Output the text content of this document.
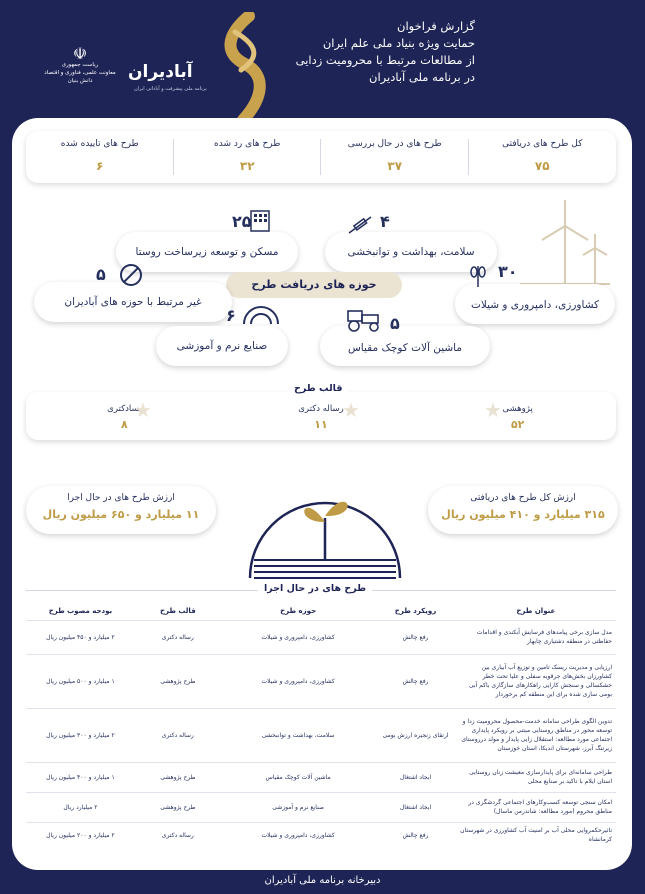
گزارش فراخوان
حمایت ویژه بنیاد ملی علم ایران
از مطالعات مرتبط با محرومیت زدایی
در برنامه ملی آبادیران
آبادیران
برنامه ملی پیشرفت و آبادانی ایران
☫
ریاست جمهوری
معاونت علمی، فناوری و اقتصاد دانش بنیان
کل طرح های دریافتی
۷۵
طرح های در حال بررسی
۳۷
طرح های رد شده
۳۲
طرح های تاییده شده
۶
مسکن و توسعه زیرساخت روستا
۲۵
سلامت، بهداشت و توانبخشی
۴
حوزه های دریافت طرح
غیر مرتبط با حوزه های آبادیران
۵
کشاورزی، دامپروری و شیلات
۳۰
صنایع نرم و آموزشی
۶
ماشین آلات کوچک مقیاس
۵
پژوهشی
۵۲
رساله دکتری
۱۱
پسادکتری
۸
قالب طرح
★
★
★
ارزش کل طرح های دریافتی
۳۱۵ میلیارد و ۴۱۰ میلیون ریال
ارزش طرح های در حال اجرا
۱۱ میلیارد و ۶۵۰ میلیون ریال
طرح های در حال اجرا
عنوان طرح	رویکرد طرح	حوزه طرح	قالب طرح	بودجه مصوب طرح
مدل سازی برخی پیامدهای فرسایش آبکندی و اقدامات حفاظتی در منطقه دشتیاری چابهار	رفع چالش	کشاورزی، دامپروری و شیلات	رساله دکتری	۲ میلیارد و ۴۵۰ میلیون ریال
ارزیابی و مدیریت ریسک تامین و توزیع آب آبیاری بین کشاورزان بخش‌های جرقویه سفلی و علیا تحت خطر خشکسالی و سنجش کارایی راهکارهای سازگاری باکم آبی بومی سازی شده برای این منطقه کم برخوردار	رفع چالش	کشاورزی، دامپروری و شیلات	طرح پژوهشی	۱ میلیارد و ۵۰۰ میلیون ریال
تدوین الگوی طراحی سامانه خدمت-محصول محرومیت زدا و توسعه محور در مناطق روستایی مبتنی بر رویکرد پایداری اجتماعی مورد مطالعه: استقلال زایی پایدار و مولد درروستای زیرتنگ آبرز، شهرستان اندیکا، استان خوزستان	ارتقای زنجیره ارزش بومی	سلامت، بهداشت و توانبخشی	رساله دکتری	۲ میلیارد و ۳۰۰ میلیون ریال
طراحی سامانه‌ای برای پایدارسازی معیشت زنان روستایی استان ایلام با تاکید بر صنایع محلی	ایجاد اشتغال	ماشین آلات کوچک مقیاس	طرح پژوهشی	۱ میلیارد و ۴۰۰ میلیون ریال
امکان سنجی توسعه کسب‌وکارهای اجتماعی گردشگری در مناطق محروم (مورد مطالعه: شاندرمن ماسال)	ایجاد اشتغال	صنایع نرم و آموزشی	طرح پژوهشی	۲ میلیارد ریال
تاثیرحکمروایی محلی آب بر امنیت آب کشاورزی در شهرستان کرمانشاه	رفع چالش	کشاورزی، دامپروری و شیلات	رساله دکتری	۲ میلیارد و ۲۰۰ میلیون ریال
دبیرخانه برنامه ملی آبادیران
